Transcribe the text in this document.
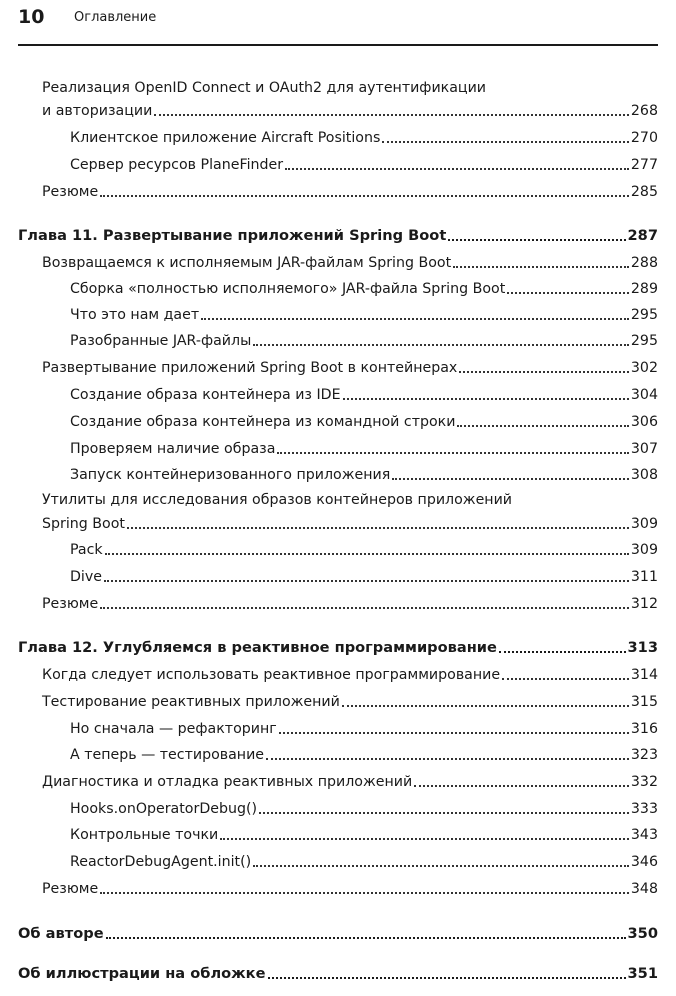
10 Оглавление
Реализация OpenID Connect и OAuth2 для аутентификации
и авторизации	268
Клиентское приложение Aircraft Positions	270
Сервер ресурсов PlaneFinder	277
Резюме	285
Глава 11. Развертывание приложений Spring Boot	287
Возвращаемся к исполняемым JAR-файлам Spring Boot	288
Сборка «полностью исполняемого» JAR-файла Spring Boot	289
Что это нам дает	295
Разобранные JAR-файлы	295
Развертывание приложений Spring Boot в контейнерах	302
Создание образа контейнера из IDE	304
Создание образа контейнера из командной строки	306
Проверяем наличие образа	307
Запуск контейнеризованного приложения	308
Утилиты для исследования образов контейнеров приложений
Spring Boot	309
Pack	309
Dive	311
Резюме	312
Глава 12. Углубляемся в реактивное программирование	313
Когда следует использовать реактивное программирование	314
Тестирование реактивных приложений	315
Но сначала — рефакторинг	316
А теперь — тестирование	323
Диагностика и отладка реактивных приложений	332
Hooks.onOperatorDebug()	333
Контрольные точки	343
ReactorDebugAgent.init()	346
Резюме	348
Об авторе	350
Об иллюстрации на обложке	351
